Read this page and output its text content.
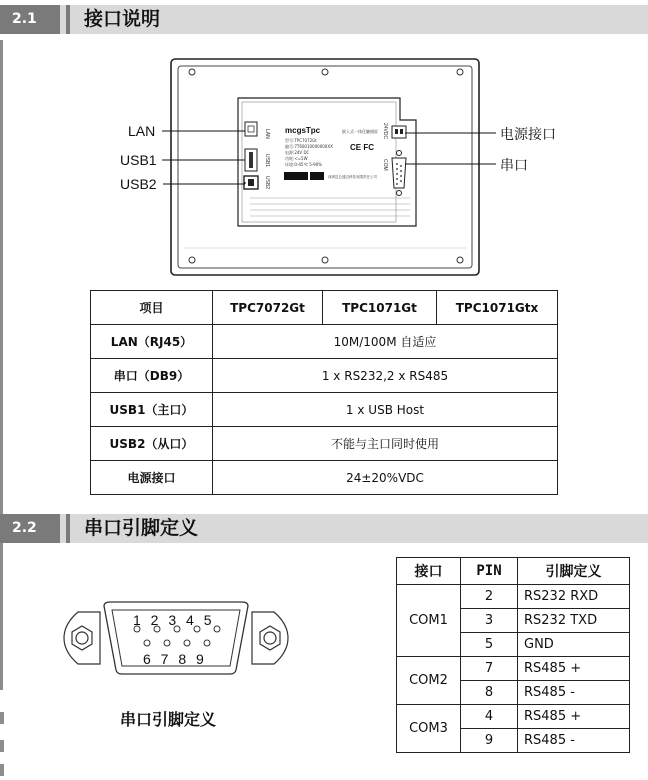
2.1	接口说明
LAN
USB1
USB2
mcgsTpc	嵌入式一体化触摸屏
型号:TPC7072Gt
编号:7T60010000000XX
电源:24V DC
功耗:<=5W
环境:0-45℃ 5-90%
CE FC
深圳昆仑通态科技有限责任公司
24VDC
COM
LAN
USB1
USB2
电源接口
串口
项目	TPC7072Gt	TPC1071Gt	TPC1071Gtx
LAN（RJ45）	10M/100M 自适应		
串口（DB9）	1 x RS232,2 x RS485		
USB1（主口）	1 x USB Host		
USB2（从口）	不能与主口同时使用		
电源接口	24±20%VDC		
2.2	串口引脚定义
1 2 3 4 5
6 7 8 9
串口引脚定义
接口	PIN	引脚定义
COM1	2	RS232 RXD
	3	RS232 TXD
	5	GND
COM2	7	RS485 +
	8	RS485 -
COM3	4	RS485 +
	9	RS485 -
